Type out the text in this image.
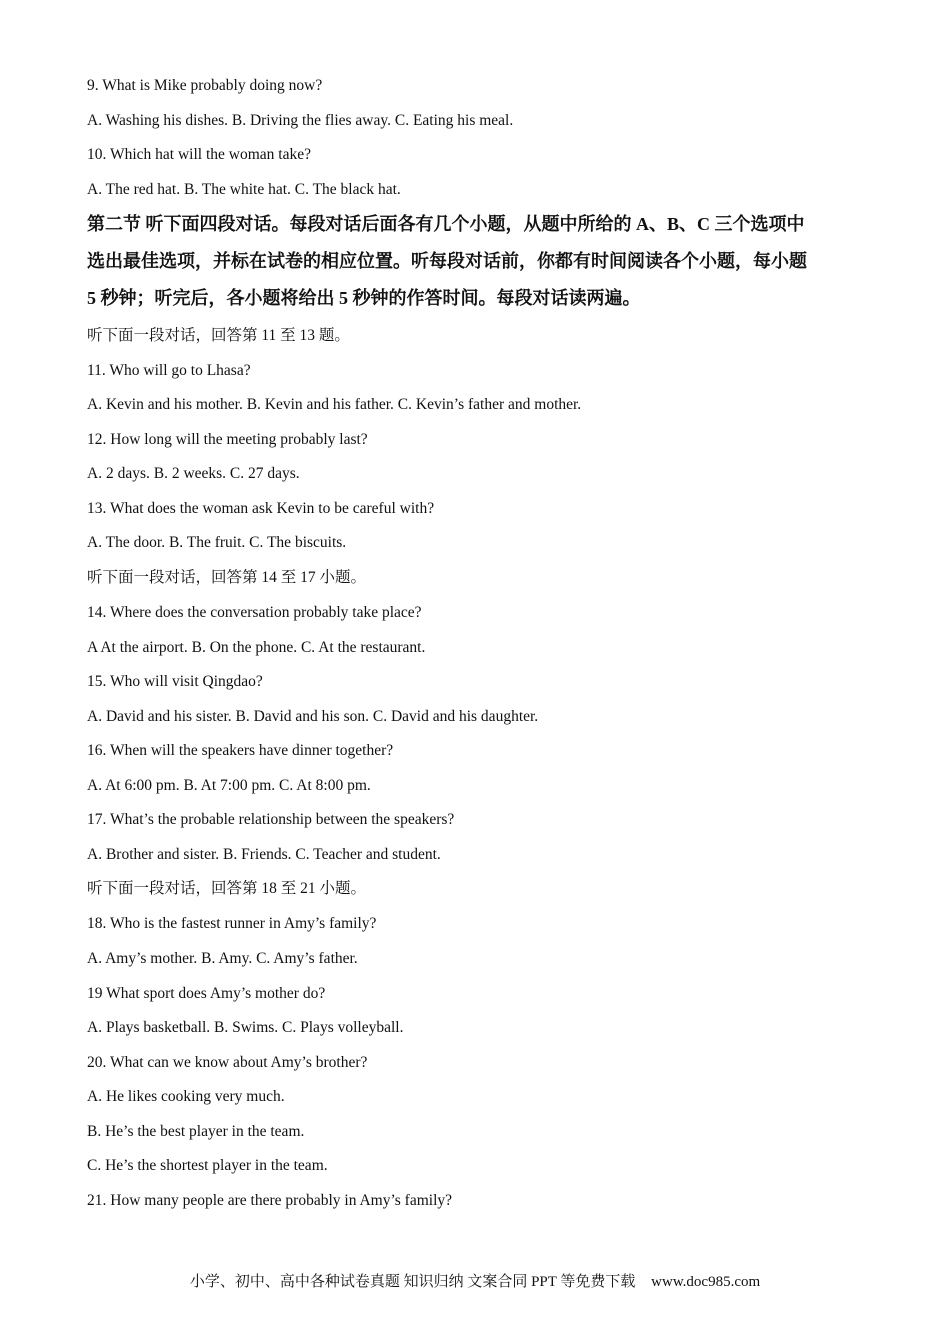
9. What is Mike probably doing now?
A. Washing his dishes. B. Driving the flies away. C. Eating his meal.
10. Which hat will the woman take?
A. The red hat. B. The white hat. C. The black hat.
第二节 听下面四段对话。每段对话后面各有几个小题，从题中所给的 A、B、C 三个选项中
选出最佳选项，并标在试卷的相应位置。听每段对话前，你都有时间阅读各个小题，每小题
5 秒钟；听完后，各小题将给出 5 秒钟的作答时间。每段对话读两遍。
听下面一段对话，回答第 11 至 13 题。
11. Who will go to Lhasa?
A. Kevin and his mother. B. Kevin and his father. C. Kevin’s father and mother.
12. How long will the meeting probably last?
A. 2 days. B. 2 weeks. C. 27 days.
13. What does the woman ask Kevin to be careful with?
A. The door. B. The fruit. C. The biscuits.
听下面一段对话，回答第 14 至 17 小题。
14. Where does the conversation probably take place?
A At the airport. B. On the phone. C. At the restaurant.
15. Who will visit Qingdao?
A. David and his sister. B. David and his son. C. David and his daughter.
16. When will the speakers have dinner together?
A. At 6:00 pm. B. At 7:00 pm. C. At 8:00 pm.
17. What’s the probable relationship between the speakers?
A. Brother and sister. B. Friends. C. Teacher and student.
听下面一段对话，回答第 18 至 21 小题。
18. Who is the fastest runner in Amy’s family?
A. Amy’s mother. B. Amy. C. Amy’s father.
19 What sport does Amy’s mother do?
A. Plays basketball. B. Swims. C. Plays volleyball.
20. What can we know about Amy’s brother?
A. He likes cooking very much.
B. He’s the best player in the team.
C. He’s the shortest player in the team.
21. How many people are there probably in Amy’s family?
小学、初中、高中各种试卷真题 知识归纳 文案合同 PPT 等免费下载 www.doc985.com
